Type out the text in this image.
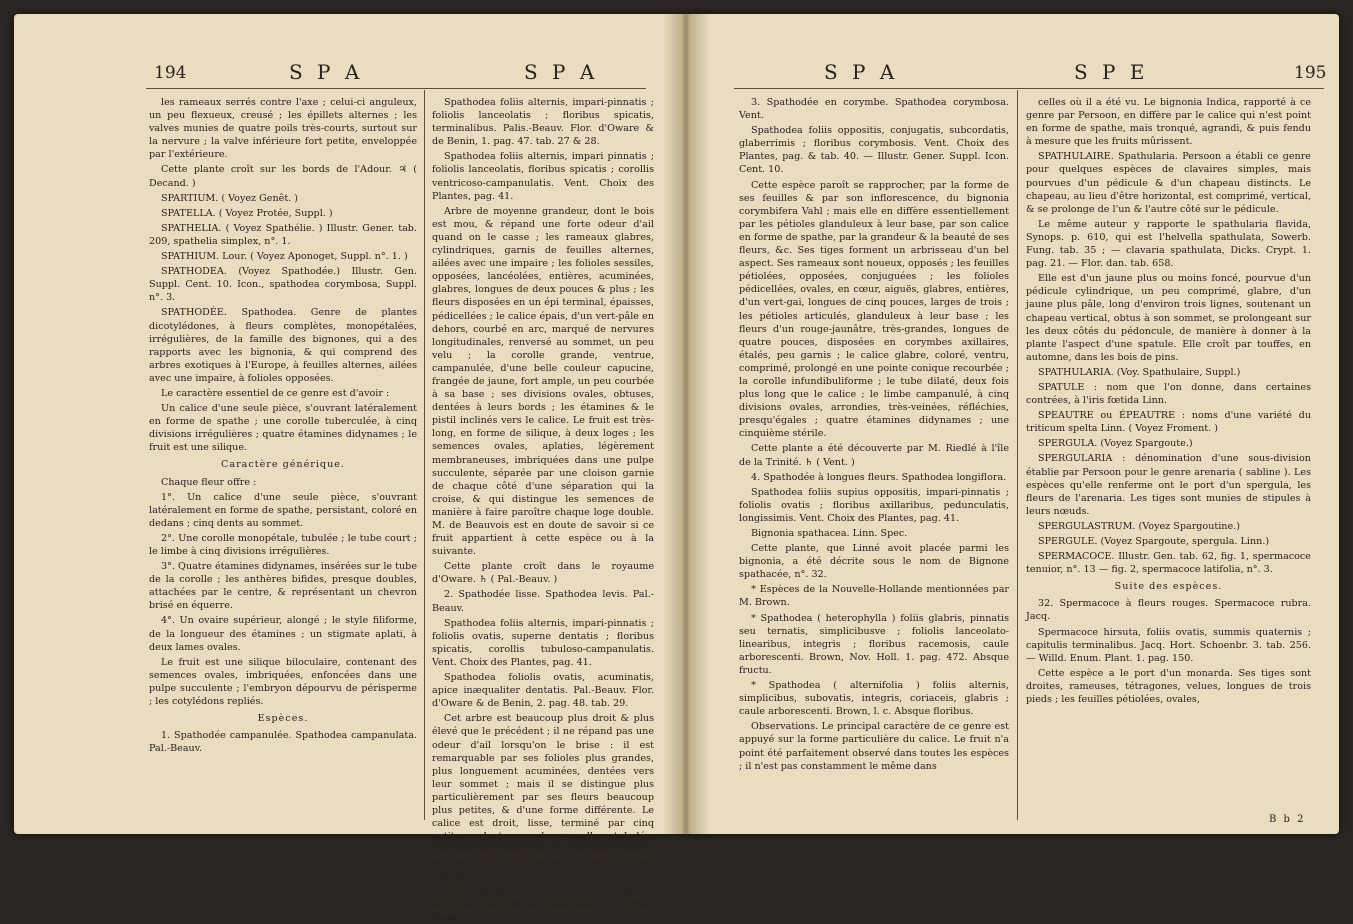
194	S P A	S P A

les rameaux serrés contre l'axe ; celui-ci anguleux, un peu flexueux, creusé ; les épillets alternes ; les valves munies de quatre poils très-courts, surtout sur la nervure ; la valve inférieure fort petite, enveloppée par l'extérieure.

Cette plante croît sur les bords de l'Adour. ♃ ( Decand. )

SPARTIUM. ( Voyez Genêt. )

SPATELLA. ( Voyez Protée, Suppl. )

SPATHELIA. ( Voyez Spathélie. ) Illustr. Gener. tab. 209, spathelia simplex, n°. 1.

SPATHIUM. Lour. ( Voyez Aponoget, Suppl. n°. 1. )

SPATHODEA. (Voyez Spathodée.) Illustr. Gen. Suppl. Cent. 10. Icon., spathodea corymbosa, Suppl. n°. 3.

SPATHODÉE. Spathodea. Genre de plantes dicotylédones, à fleurs complètes, monopétalées, irrégulières, de la famille des bignones, qui a des rapports avec les bignonia, & qui comprend des arbres exotiques à l'Europe, à feuilles alternes, ailées avec une impaire, à folioles opposées.

Le caractère essentiel de ce genre est d'avoir :

Un calice d'une seule pièce, s'ouvrant latéralement en forme de spathe ; une corolle tuberculée, à cinq divisions irrégulières ; quatre étamines didynames ; le fruit est une silique.

Caractère générique.

Chaque fleur offre :

1°. Un calice d'une seule pièce, s'ouvrant latéralement en forme de spathe, persistant, coloré en dedans ; cinq dents au sommet.

2°. Une corolle monopétale, tubulée ; le tube court ; le limbe à cinq divisions irrégulières.

3°. Quatre étamines didynames, insérées sur le tube de la corolle ; les anthères bifides, presque doubles, attachées par le centre, & représentant un chevron brisé en équerre.

4°. Un ovaire supérieur, alongé ; le style filiforme, de la longueur des étamines ; un stigmate aplati, à deux lames ovales.

Le fruit est une silique biloculaire, contenant des semences ovales, imbriquées, enfoncées dans une pulpe succulente ; l'embryon dépourvu de périsperme ; les cotylédons repliés.

Espèces.

1. Spathodée campanulée. Spathodea campanulata. Pal.-Beauv.

Spathodea foliis alternis, impari-pinnatis ; foliolis lanceolatis ; floribus spicatis, terminalibus. Palis.-Beauv. Flor. d'Oware & de Benin, 1. pag. 47. tab. 27 & 28.

Spathodea foliis alternis, impari pinnatis ; foliolis lanceolatis, floribus spicatis ; corollis ventricoso-campanulatis. Vent. Choix des Plantes, pag. 41.

Arbre de moyenne grandeur, dont le bois est mou, & répand une forte odeur d'ail quand on le casse ; les rameaux glabres, cylindriques, garnis de feuilles alternes, ailées avec une impaire ; les folioles sessiles, opposées, lancéolées, entières, acuminées, glabres, longues de deux pouces & plus ; les fleurs disposées en un épi terminal, épaisses, pédicellées ; le calice épais, d'un vert-pâle en dehors, courbé en arc, marqué de nervures longitudinales, renversé au sommet, un peu velu ; la corolle grande, ventrue, campanulée, d'une belle couleur capucine, frangée de jaune, fort ample, un peu courbée à sa base ; ses divisions ovales, obtuses, dentées à leurs bords ; les étamines & le pistil inclinés vers le calice. Le fruit est très-long, en forme de silique, à deux loges ; les semences ovales, aplaties, légèrement membraneuses, imbriquées dans une pulpe succulente, séparée par une cloison garnie de chaque côté d'une séparation qui la croise, & qui distingue les semences de manière à faire paroître chaque loge double. M. de Beauvois est en doute de savoir si ce fruit appartient à cette espèce ou à la suivante.

Cette plante croît dans le royaume d'Oware. ♄ ( Pal.-Beauv. )

2. Spathodée lisse. Spathodea levis. Pal.-Beauv.

Spathodea foliis alternis, impari-pinnatis ; foliolis ovatis, superne dentatis ; floribus spicatis, corollis tubuloso-campanulatis. Vent. Choix des Plantes, pag. 41.

Spathodea foliolis ovatis, acuminatis, apice inæqualiter dentatis. Pal.-Beauv. Flor. d'Oware & de Benin, 2. pag. 48. tab. 29.

Cet arbre est beaucoup plus droit & plus élevé que le précédent ; il ne répand pas une odeur d'ail lorsqu'on le brise : il est remarquable par ses folioles plus grandes, plus longuement acuminées, dentées vers leur sommet ; mais il se distingue plus particulièrement par ses fleurs beaucoup plus petites, & d'une forme différente. Le calice est droit, lisse, terminé par cinq petites dents ; la corolle tubulée, campanulée à son limbe, à cinq lobes entiers, un peu irréguliers, obtus & arrondis à leur sommet.

Cette plante croît au royaume d'Oware, dans les environs de Buonoporo. ♄ ( Pal.-Beauv. )

S P A	S P E	195

3. Spathodée en corymbe. Spathodea corymbosa. Vent.

Spathodea foliis oppositis, conjugatis, subcordatis, glaberrimis ; floribus corymbosis. Vent. Choix des Plantes, pag. & tab. 40. — Illustr. Gener. Suppl. Icon. Cent. 10.

Cette espèce paroît se rapprocher, par la forme de ses feuilles & par son inflorescence, du bignonia corymbifera Vahl ; mais elle en diffère essentiellement par les pétioles glanduleux à leur base, par son calice en forme de spathe, par la grandeur & la beauté de ses fleurs, &c. Ses tiges forment un arbrisseau d'un bel aspect. Ses rameaux sont noueux, opposés ; les feuilles pétiolées, opposées, conjuguées ; les folioles pédicellées, ovales, en cœur, aiguës, glabres, entières, d'un vert-gai, longues de cinq pouces, larges de trois ; les pétioles articulés, glanduleux à leur base ; les fleurs d'un rouge-jaunâtre, très-grandes, longues de quatre pouces, disposées en corymbes axillaires, étalés, peu garnis ; le calice glabre, coloré, ventru, comprimé, prolongé en une pointe conique recourbée ; la corolle infundibuliforme ; le tube dilaté, deux fois plus long que le calice ; le limbe campanulé, à cinq divisions ovales, arrondies, très-veinées, réfléchies, presqu'égales ; quatre étamines didynames ; une cinquième stérile.

Cette plante a été découverte par M. Riedlé à l'île de la Trinité. ♄ ( Vent. )

4. Spathodée à longues fleurs. Spathodea longiflora.

Spathodea foliis supius oppositis, impari-pinnatis ; foliolis ovatis ; floribus axillaribus, pedunculatis, longissimis. Vent. Choix des Plantes, pag. 41.

Bignonia spathacea. Linn. Spec.

Cette plante, que Linné avoit placée parmi les bignonia, a été décrite sous le nom de Bignone spathacée, n°. 32.

* Espèces de la Nouvelle-Hollande mentionnées par M. Brown.

* Spathodea ( heterophylla ) foliis glabris, pinnatis seu ternatis, simplicibusve ; foliolis lanceolato-linearibus, integris ; floribus racemosis, caule arborescenti. Brown, Nov. Holl. 1. pag. 472. Absque fructu.

* Spathodea ( alternifolia ) foliis alternis, simplicibus, subovatis, integris, coriaceis, glabris ; caule arborescenti. Brown, l. c. Absque floribus.

Observations. Le principal caractère de ce genre est appuyé sur la forme particulière du calice. Le fruit n'a point été parfaitement observé dans toutes les espèces ; il n'est pas constamment le même dans

celles où il a été vu. Le bignonia Indica, rapporté à ce genre par Persoon, en diffère par le calice qui n'est point en forme de spathe, mais tronqué, agrandi, & puis fendu à mesure que les fruits mûrissent.

SPATHULAIRE. Spathularia. Persoon a établi ce genre pour quelques espèces de clavaires simples, mais pourvues d'un pédicule & d'un chapeau distincts. Le chapeau, au lieu d'être horizontal, est comprimé, vertical, & se prolonge de l'un & l'autre côté sur le pédicule.

Le même auteur y rapporte le spathularia flavida, Synops. p. 610, qui est l'helvella spathulata, Sowerb. Fung. tab. 35 ; — clavaria spathulata, Dicks. Crypt. 1. pag. 21. — Flor. dan. tab. 658.

Elle est d'un jaune plus ou moins foncé, pourvue d'un pédicule cylindrique, un peu comprimé, glabre, d'un jaune plus pâle, long d'environ trois lignes, soutenant un chapeau vertical, obtus à son sommet, se prolongeant sur les deux côtés du pédoncule, de manière à donner à la plante l'aspect d'une spatule. Elle croît par touffes, en automne, dans les bois de pins.

SPATHULARIA. (Voy. Spathulaire, Suppl.)

SPATULE : nom que l'on donne, dans certaines contrées, à l'iris fœtida Linn.

SPEAUTRE ou ÉPEAUTRE : noms d'une variété du triticum spelta Linn. ( Voyez Froment. )

SPERGULA. (Voyez Spargoute.)

SPERGULARIA : dénomination d'une sous-division établie par Persoon pour le genre arenaria ( sabline ). Les espèces qu'elle renferme ont le port d'un spergula, les fleurs de l'arenaria. Les tiges sont munies de stipules à leurs nœuds.

SPERGULASTRUM. (Voyez Spargoutine.)

SPERGULE. (Voyez Spargoute, spergula. Linn.)

SPERMACOCE. Illustr. Gen. tab. 62, fig. 1, spermacoce tenuior, n°. 13 — fig. 2, spermacoce latifolia, n°. 3.

Suite des espèces.

32. Spermacoce à fleurs rouges. Spermacoce rubra. Jacq.

Spermacoce hirsuta, foliis ovatis, summis quaternis ; capitulis terminalibus. Jacq. Hort. Schoenbr. 3. tab. 256. — Willd. Enum. Plant. 1. pag. 150.

Cette espèce a le port d'un monarda. Ses tiges sont droites, rameuses, tétragones, velues, longues de trois pieds ; les feuilles pétiolées, ovales,

B b 2
